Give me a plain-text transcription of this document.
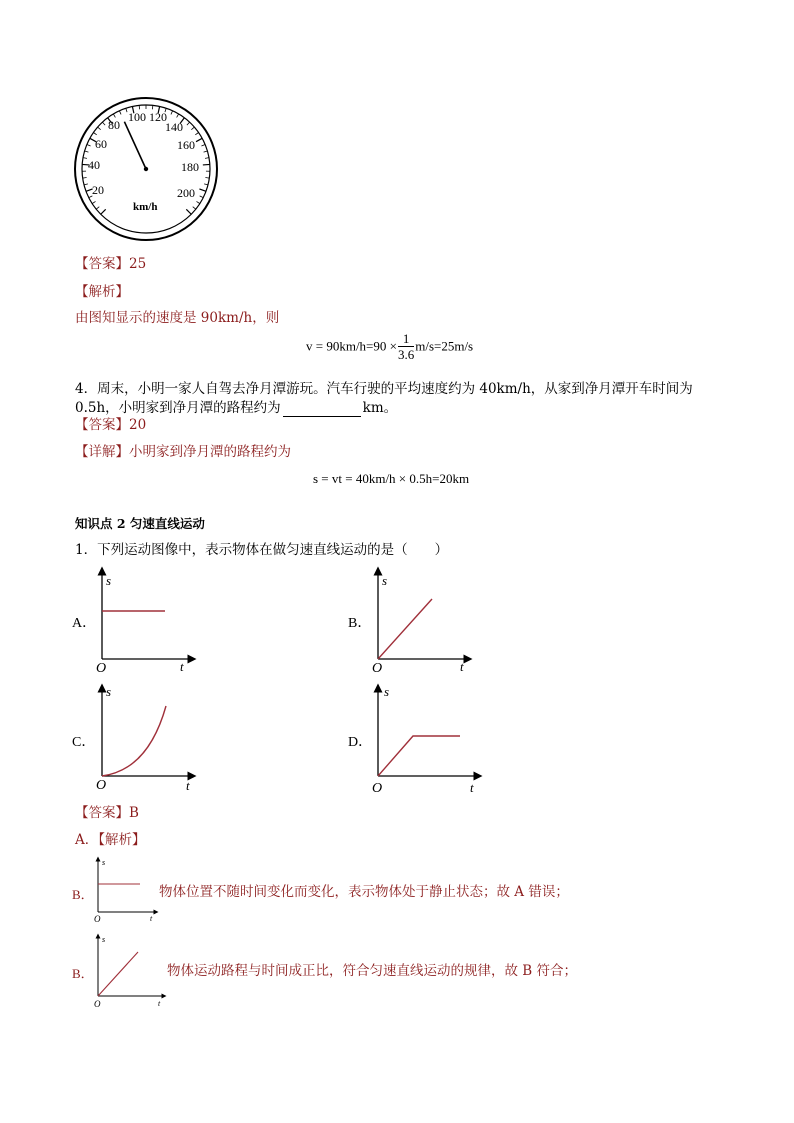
20
40
60
80
100 120
140
160
180
200
km/h
【答案】25
【解析】
由图知显示的速度是 90km/h，则
$v = 90km/h=90 \times \frac{1}{3.6} m/s=25m/s$
4．周末，小明一家人自驾去净月潭游玩。汽车行驶的平均速度约为 40km/h，从家到净月潭开车时间为
0.5h，小明家到净月潭的路程约为	km。
【答案】20
【详解】小明家到净月潭的路程约为
s = vt = 40km/h × 0.5h=20km
知识点 2 匀速直线运动
1．下列运动图像中，表示物体在做匀速直线运动的是（　　）
A．	B．
C．	D．
s
t
O
s
t
O
s
t
O
s
t
O
【答案】B
A．【解析】
B．
s
t
O
物体位置不随时间变化而变化，表示物体处于静止状态；故 A 错误；
B．
s
t
O
物体运动路程与时间成正比，符合匀速直线运动的规律，故 B 符合；
